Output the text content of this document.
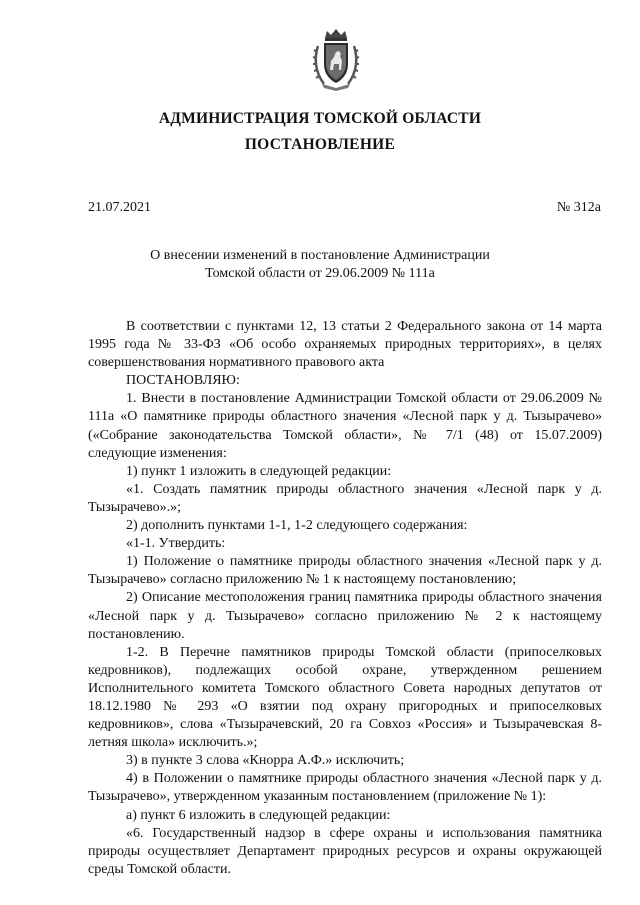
АДМИНИСТРАЦИЯ ТОМСКОЙ ОБЛАСТИ
ПОСТАНОВЛЕНИЕ
21.07.2021	№ 312а
О внесении изменений в постановление Администрации
Томской области от 29.06.2009 № 111а

В соответствии с пунктами 12, 13 статьи 2 Федерального закона от 14 марта 1995 года № 33-ФЗ «Об особо охраняемых природных территориях», в целях совершенствования нормативного правового акта

ПОСТАНОВЛЯЮ:

1. Внести в постановление Администрации Томской области от 29.06.2009 № 111а «О памятнике природы областного значения «Лесной парк у д. Тызырачево» («Собрание законодательства Томской области», № 7/1 (48) от 15.07.2009) следующие изменения:

1) пункт 1 изложить в следующей редакции:

«1. Создать памятник природы областного значения «Лесной парк у д. Тызырачево».»;

2) дополнить пунктами 1-1, 1-2 следующего содержания:

«1-1. Утвердить:

1) Положение о памятнике природы областного значения «Лесной парк у д. Тызырачево» согласно приложению № 1 к настоящему постановлению;

2) Описание местоположения границ памятника природы областного значения «Лесной парк у д. Тызырачево» согласно приложению № 2 к настоящему постановлению.

1-2. В Перечне памятников природы Томской области (припоселковых кедровников), подлежащих особой охране, утвержденном решением Исполнительного комитета Томского областного Совета народных депутатов от 18.12.1980 № 293 «О взятии под охрану пригородных и припоселковых кедровников», слова «Тызырачевский, 20 га Совхоз «Россия» и Тызырачевская 8-летняя школа» исключить.»;

3) в пункте 3 слова «Кнорра А.Ф.» исключить;

4) в Положении о памятнике природы областного значения «Лесной парк у д. Тызырачево», утвержденном указанным постановлением (приложение № 1):

а) пункт 6 изложить в следующей редакции:

«6. Государственный надзор в сфере охраны и использования памятника природы осуществляет Департамент природных ресурсов и охраны окружающей среды Томской области.
